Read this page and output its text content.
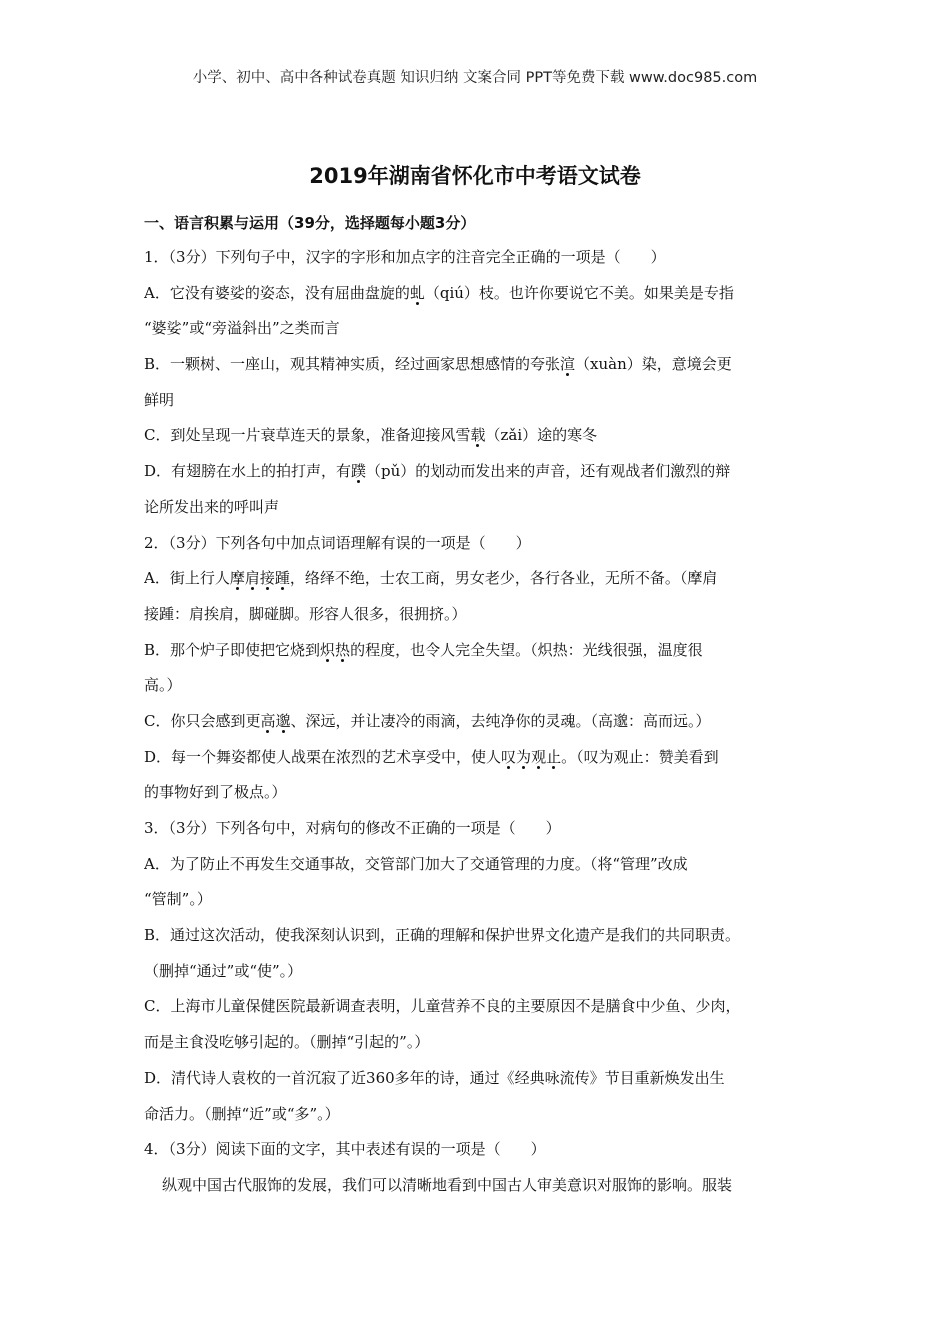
小学、初中、高中各种试卷真题 知识归纳 文案合同 PPT等免费下载 www.doc985.com
2019年湖南省怀化市中考语文试卷
一、语言积累与运用（39分，选择题每小题3分）
1．（3分）下列句子中，汉字的字形和加点字的注音完全正确的一项是（　　）
A．它没有婆娑的姿态，没有屈曲盘旋的虬（qiú）枝。也许你要说它不美。如果美是专指
“婆娑”或“旁溢斜出”之类而言
B．一颗树、一座山，观其精神实质，经过画家思想感情的夸张渲（xuàn）染，意境会更
鲜明
C．到处呈现一片衰草连天的景象，准备迎接风雪载（zǎi）途的寒冬
D．有翅膀在水上的拍打声，有蹼（pǔ）的划动而发出来的声音，还有观战者们激烈的辩
论所发出来的呼叫声
2．（3分）下列各句中加点词语理解有误的一项是（　　）
A．街上行人摩肩接踵，络绎不绝，士农工商，男女老少，各行各业，无所不备。（摩肩
接踵：肩挨肩，脚碰脚。形容人很多，很拥挤。）
B．那个炉子即使把它烧到炽热的程度，也令人完全失望。（炽热：光线很强，温度很
高。）
C．你只会感到更高邈、深远，并让凄冷的雨滴，去纯净你的灵魂。（高邈：高而远。）
D．每一个舞姿都使人战栗在浓烈的艺术享受中，使人叹为观止。（叹为观止：赞美看到
的事物好到了极点。）
3．（3分）下列各句中，对病句的修改不正确的一项是（　　）
A．为了防止不再发生交通事故，交管部门加大了交通管理的力度。（将“管理”改成
“管制”。）
B．通过这次活动，使我深刻认识到，正确的理解和保护世界文化遗产是我们的共同职责。
（删掉“通过”或“使”。）
C．上海市儿童保健医院最新调查表明，儿童营养不良的主要原因不是膳食中少鱼、少肉，
而是主食没吃够引起的。（删掉“引起的”。）
D．清代诗人袁枚的一首沉寂了近360多年的诗，通过《经典咏流传》节目重新焕发出生
命活力。（删掉“近”或“多”。）
4．（3分）阅读下面的文字，其中表述有误的一项是（　　）
纵观中国古代服饰的发展，我们可以清晰地看到中国古人审美意识对服饰的影响。服装
